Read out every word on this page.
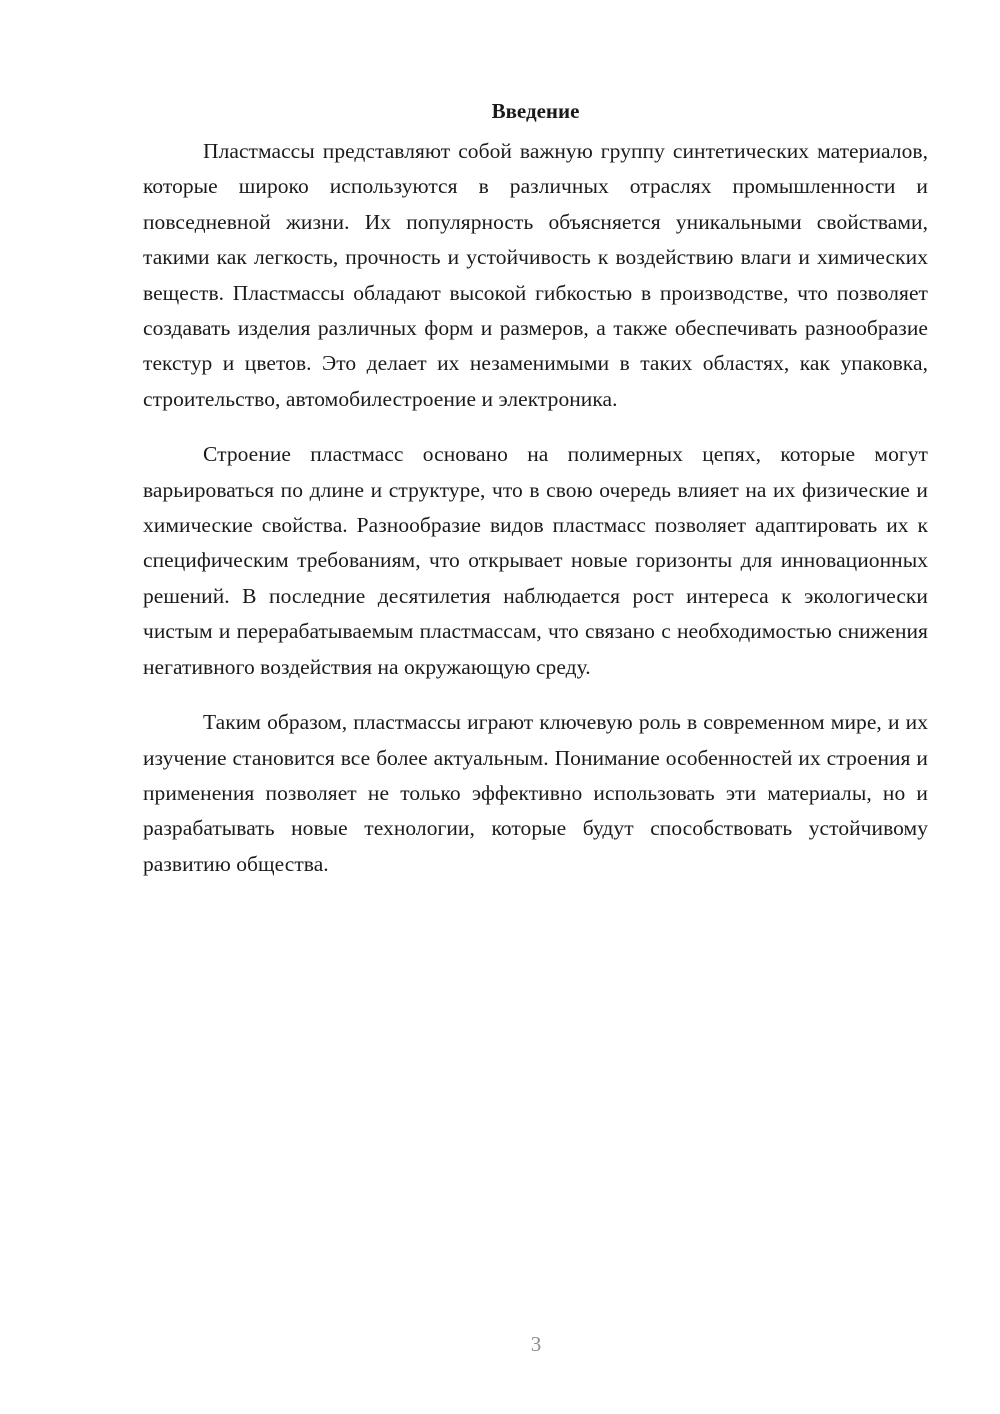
Введение

Пластмассы представляют собой важную группу синтетических материалов, которые широко используются в различных отраслях промышленности и повседневной жизни. Их популярность объясняется уникальными свойствами, такими как легкость, прочность и устойчивость к воздействию влаги и химических веществ. Пластмассы обладают высокой гибкостью в производстве, что позволяет создавать изделия различных форм и размеров, а также обеспечивать разнообразие текстур и цветов. Это делает их незаменимыми в таких областях, как упаковка, строительство, автомобилестроение и электроника.

Строение пластмасс основано на полимерных цепях, которые могут варьироваться по длине и структуре, что в свою очередь влияет на их физические и химические свойства. Разнообразие видов пластмасс позволяет адаптировать их к специфическим требованиям, что открывает новые горизонты для инновационных решений. В последние десятилетия наблюдается рост интереса к экологически чистым и перерабатываемым пластмассам, что связано с необходимостью снижения негативного воздействия на окружающую среду.

Таким образом, пластмассы играют ключевую роль в современном мире, и их изучение становится все более актуальным. Понимание особенностей их строения и применения позволяет не только эффективно использовать эти материалы, но и разрабатывать новые технологии, которые будут способствовать устойчивому развитию общества.

3
